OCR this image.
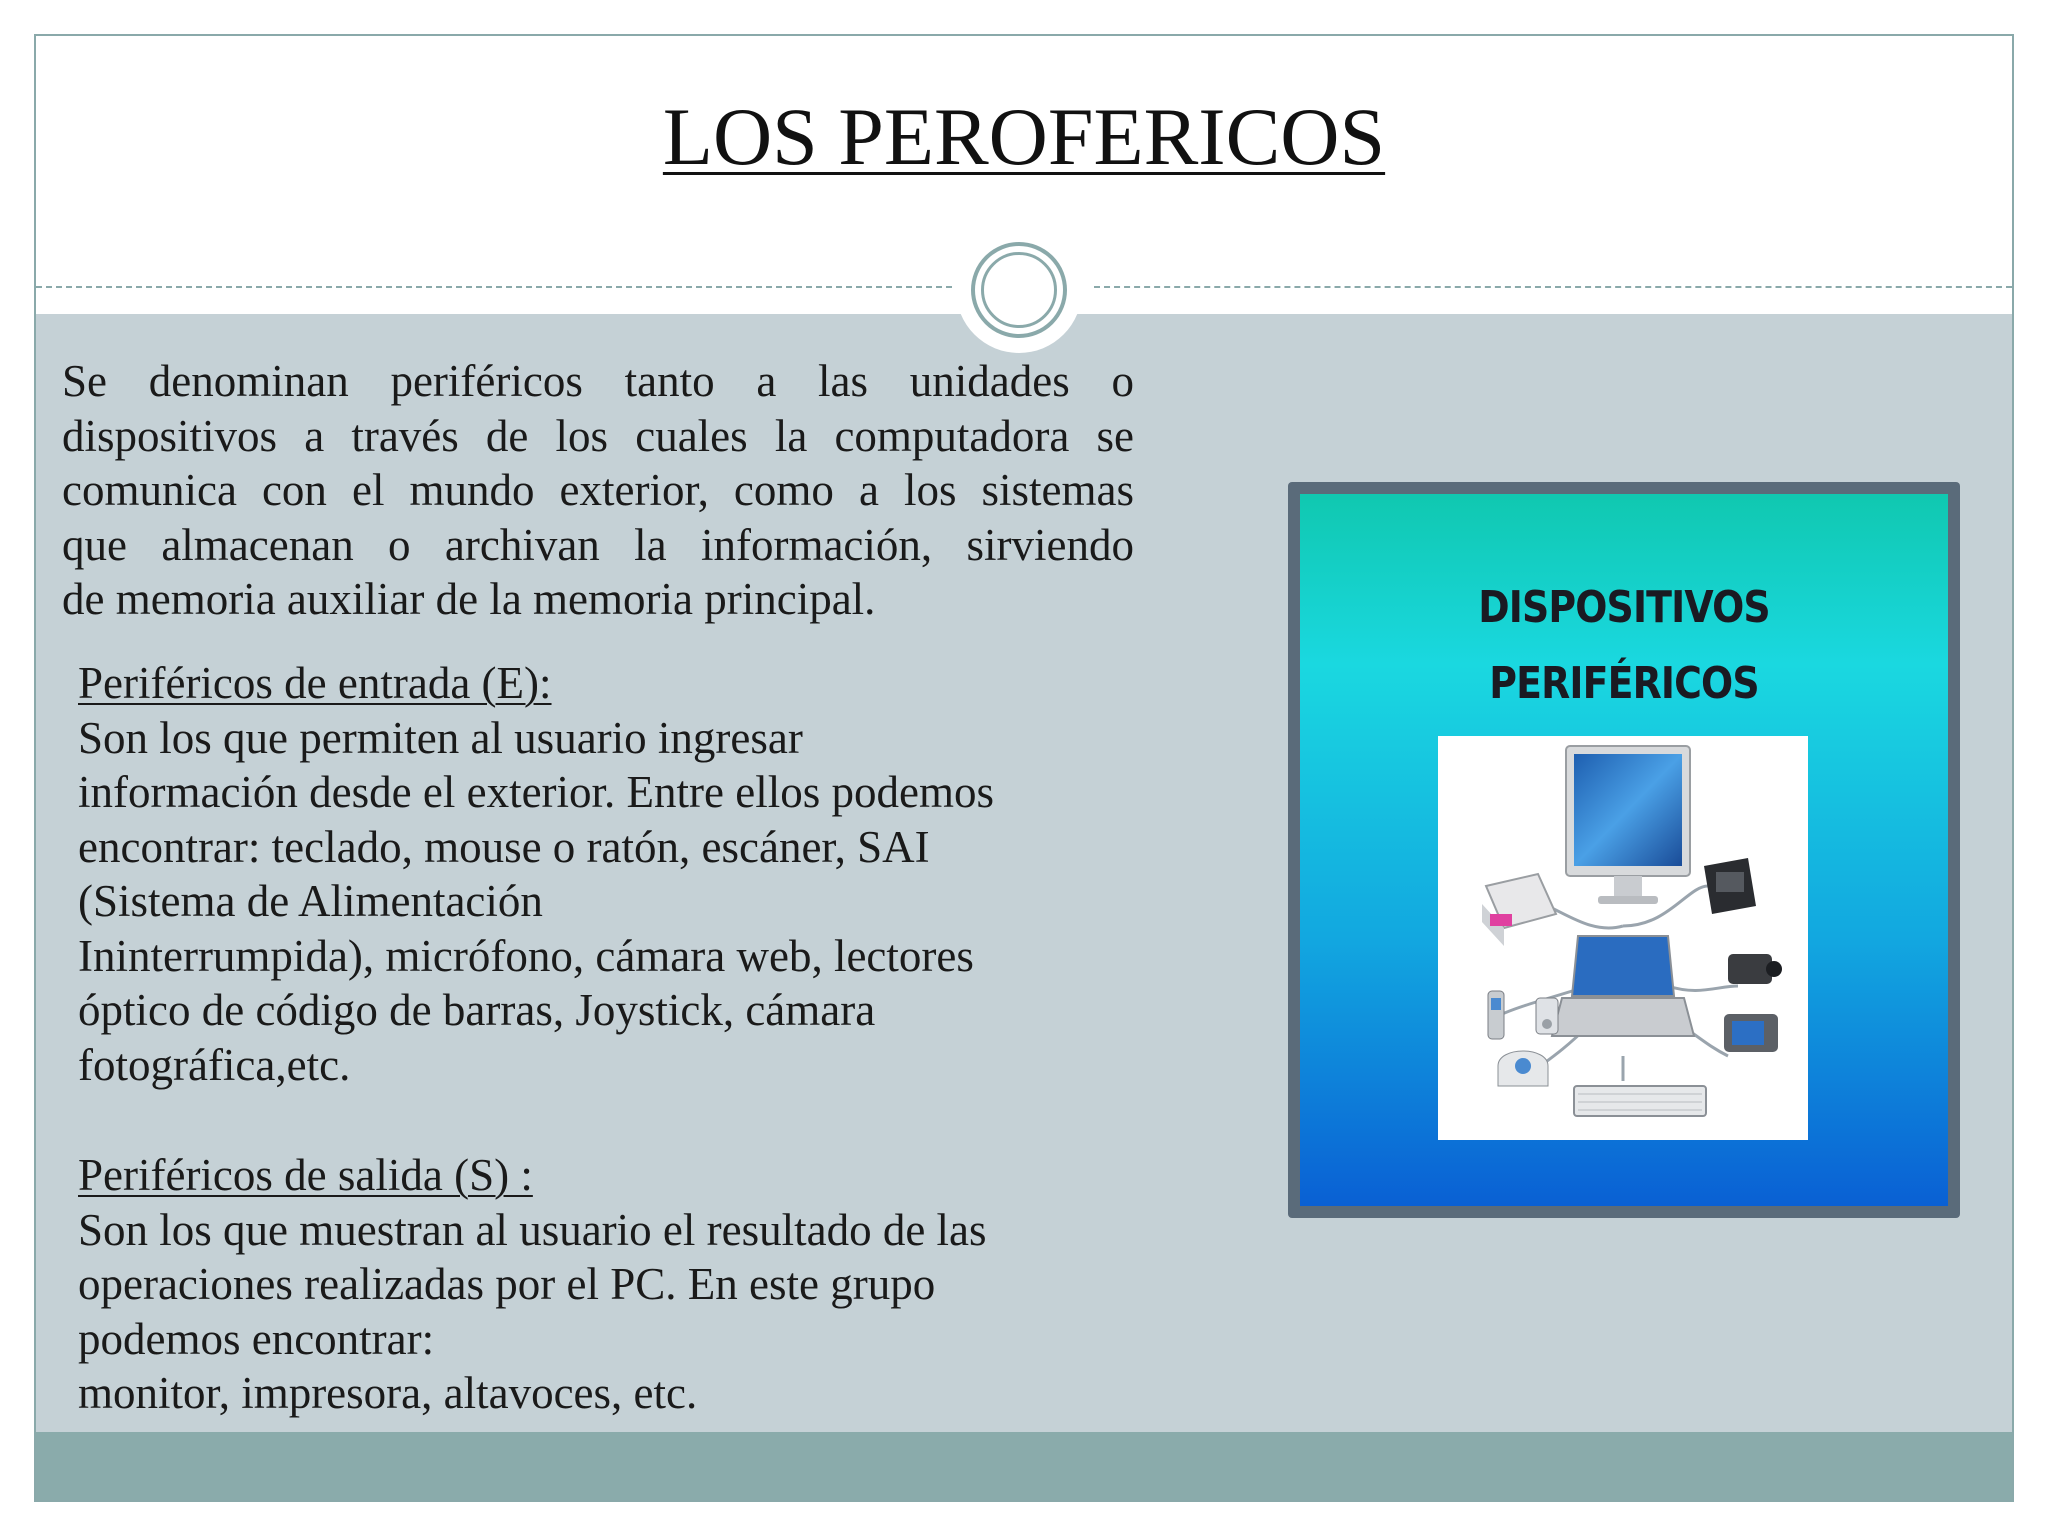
LOS PEROFERICOS
Se denominan periféricos tanto a las unidades o
dispositivos a través de los cuales la computadora se
comunica con el mundo exterior, como a los sistemas
que almacenan o archivan la información, sirviendo
de memoria auxiliar de la memoria principal.
Periféricos de entrada (E):
Son los que permiten al usuario ingresar
información desde el exterior. Entre ellos podemos
encontrar: teclado, mouse o ratón, escáner, SAI
(Sistema de Alimentación
Ininterrumpida), micrófono, cámara web, lectores
óptico de código de barras, Joystick, cámara
fotográfica,etc.
Periféricos de salida (S) :
Son los que muestran al usuario el resultado de las
operaciones realizadas por el PC. En este grupo
podemos encontrar:
monitor, impresora, altavoces, etc.
DISPOSITIVOS PERIFÉRICOS
